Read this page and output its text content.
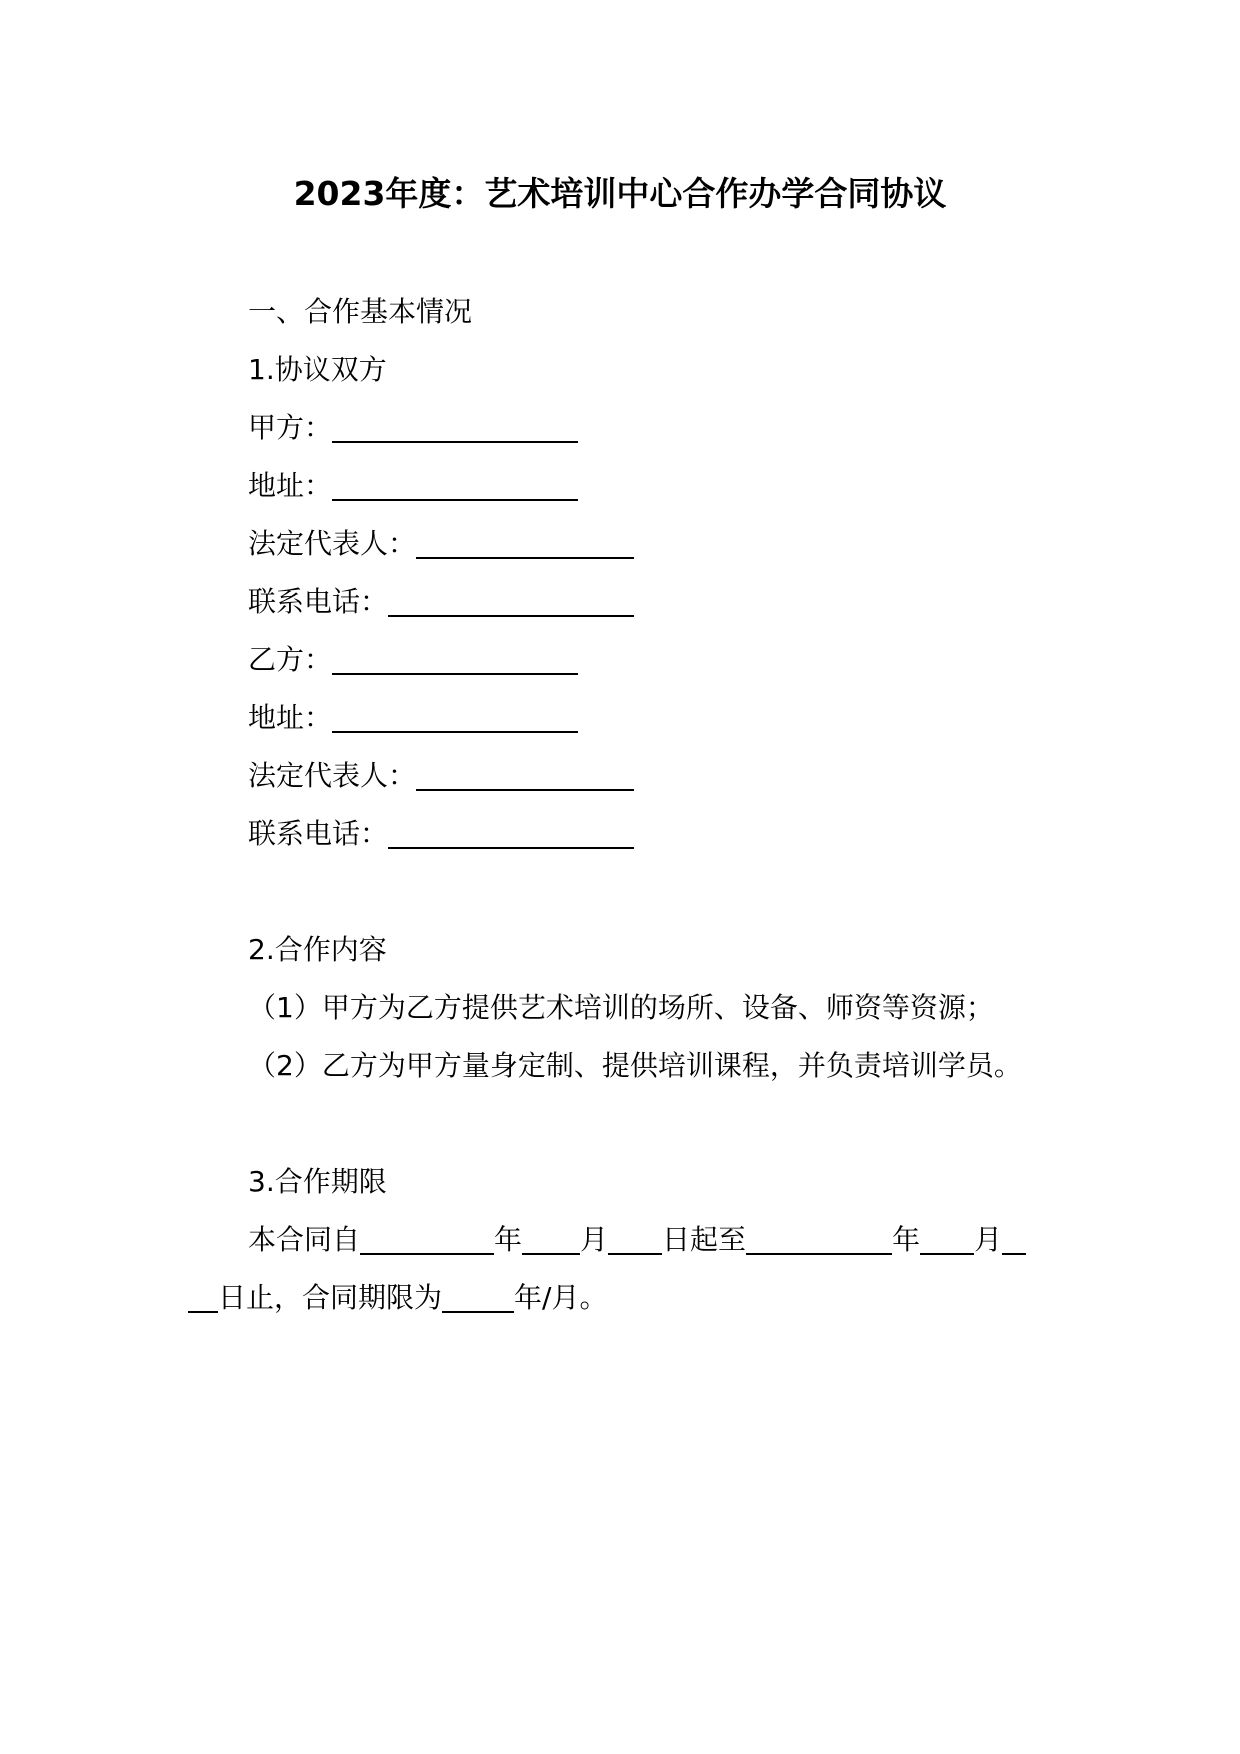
2023年度：艺术培训中心合作办学合同协议
一、合作基本情况
1.协议双方
甲方：
地址：
法定代表人：
联系电话：
乙方：
地址：
法定代表人：
联系电话：
2.合作内容
（1）甲方为乙方提供艺术培训的场所、设备、师资等资源；
（2）乙方为甲方量身定制、提供培训课程，并负责培训学员。
3.合作期限
本合同自	年 月 日起至	年 月
日止，合同期限为	年/月。
